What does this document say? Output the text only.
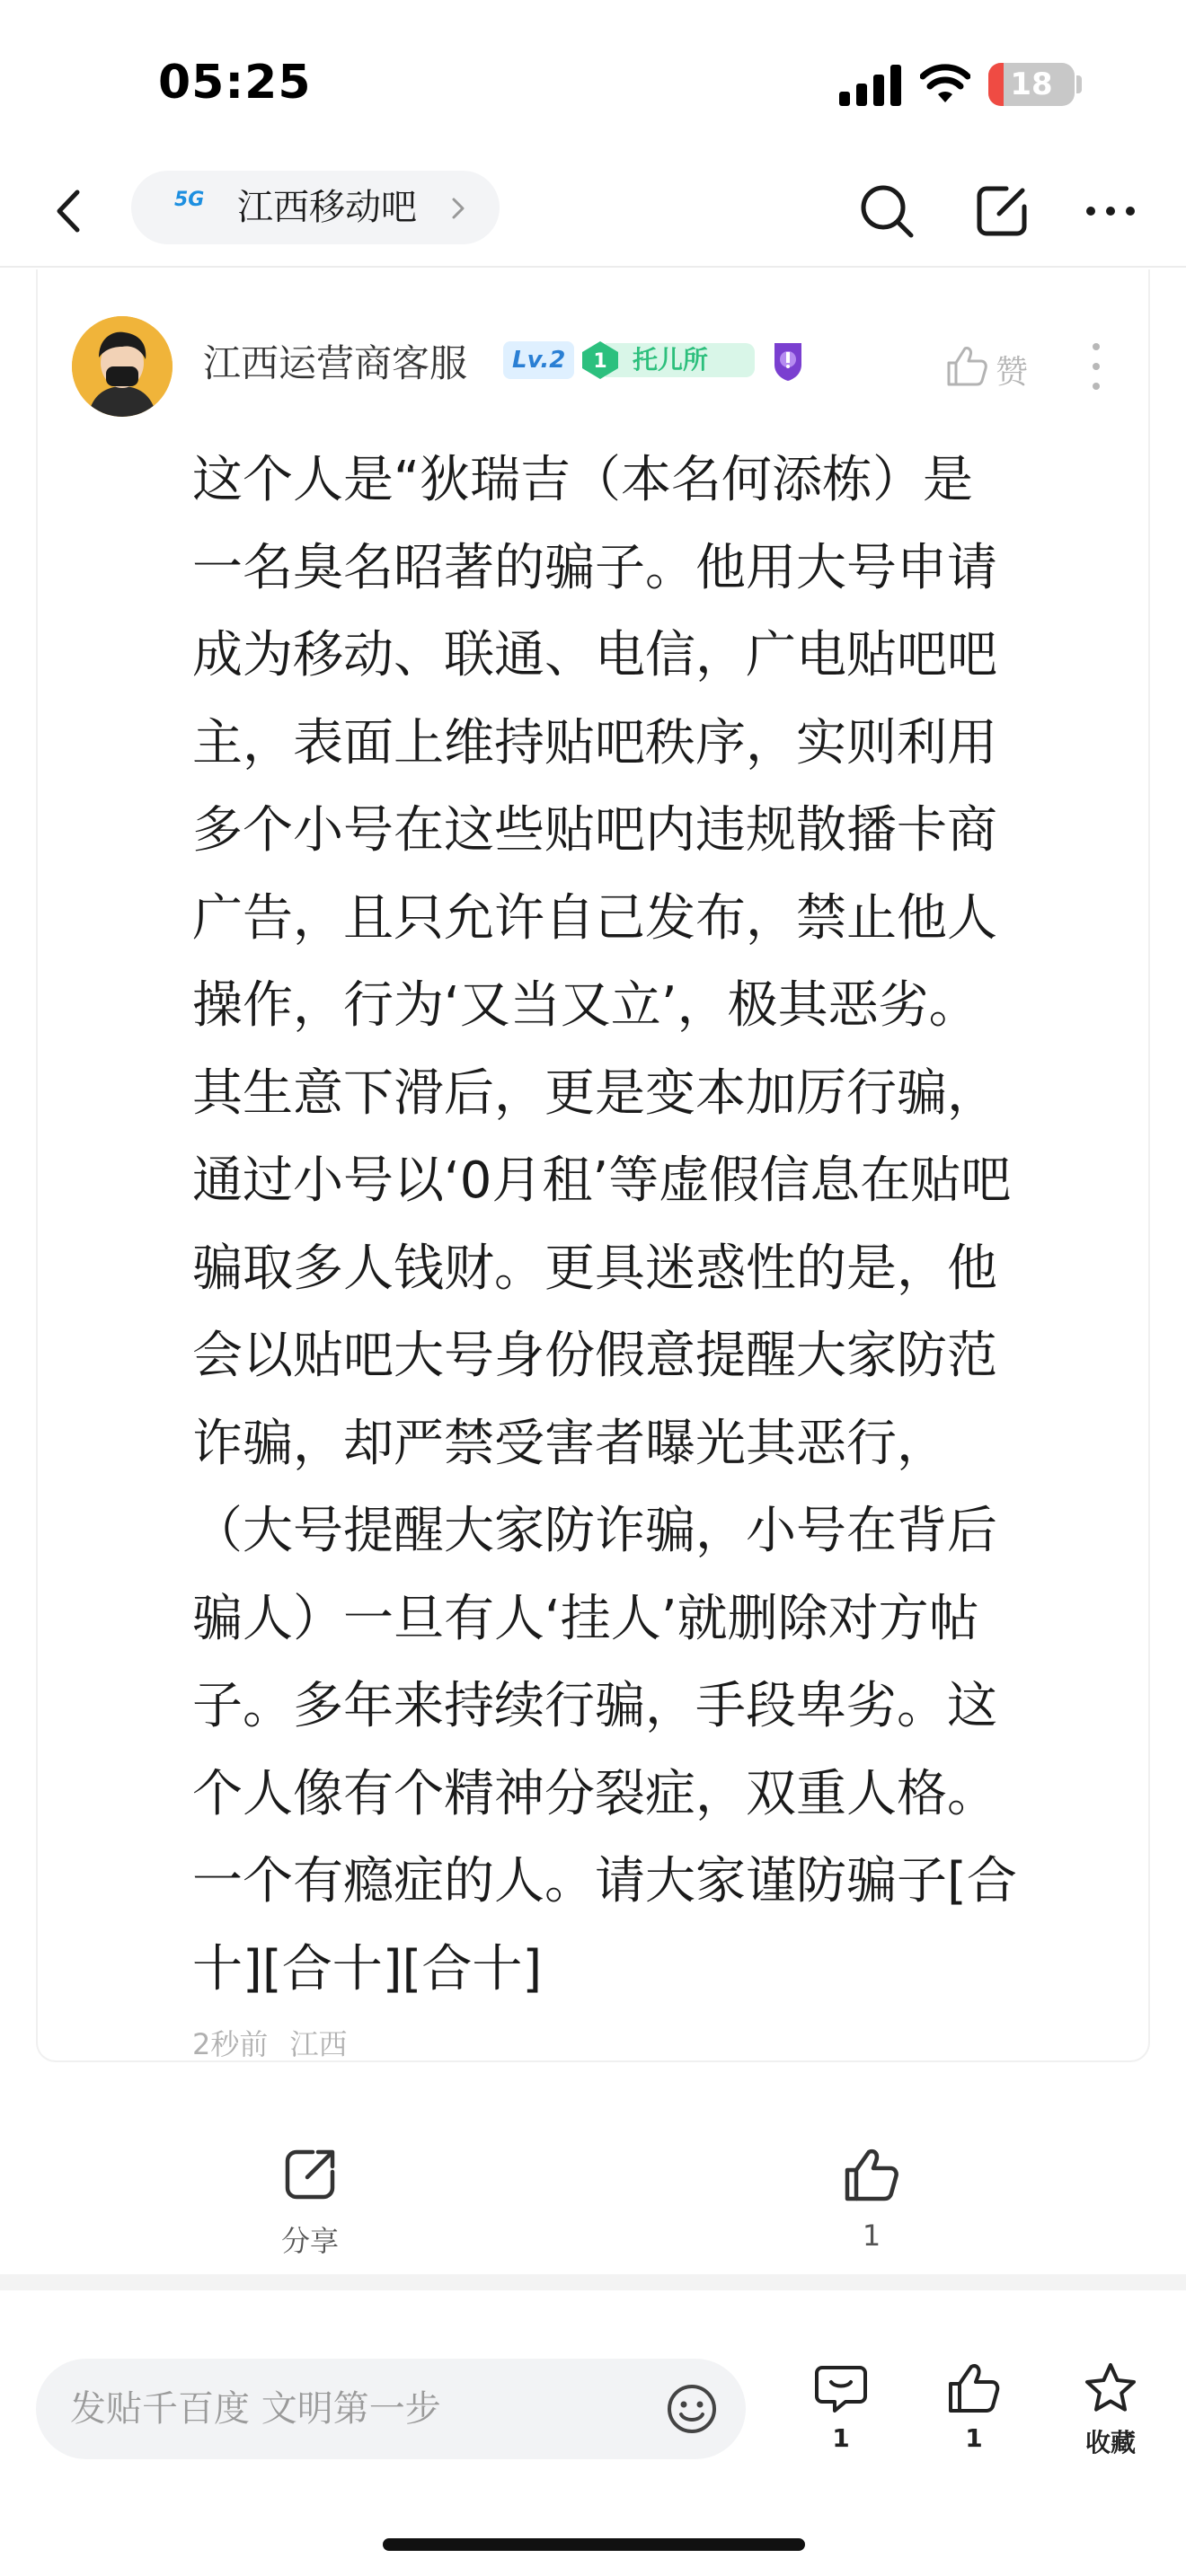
05:25	18
5G 江西移动吧
江西运营商客服	Lv.2	托儿所
1	赞
这个人是“狄瑞吉（本名何添栋）是
一名臭名昭著的骗子。他用大号申请
成为移动、联通、电信，广电贴吧吧
主，表面上维持贴吧秩序，实则利用
多个小号在这些贴吧内违规散播卡商
广告，且只允许自己发布，禁止他人
操作，行为‘又当又立’，极其恶劣。
其生意下滑后，更是变本加厉行骗，
通过小号以‘0月租’等虚假信息在贴吧
骗取多人钱财。更具迷惑性的是，他
会以贴吧大号身份假意提醒大家防范
诈骗，却严禁受害者曝光其恶行，
（大号提醒大家防诈骗，小号在背后
骗人）一旦有人‘挂人’就删除对方帖
子。多年来持续行骗，手段卑劣。这
个人像有个精神分裂症，双重人格。
一个有瘾症的人。请大家谨防骗子[合
十][合十][合十]
2秒前 江西
分享	1
发贴千百度 文明第一步
1	1	收藏
